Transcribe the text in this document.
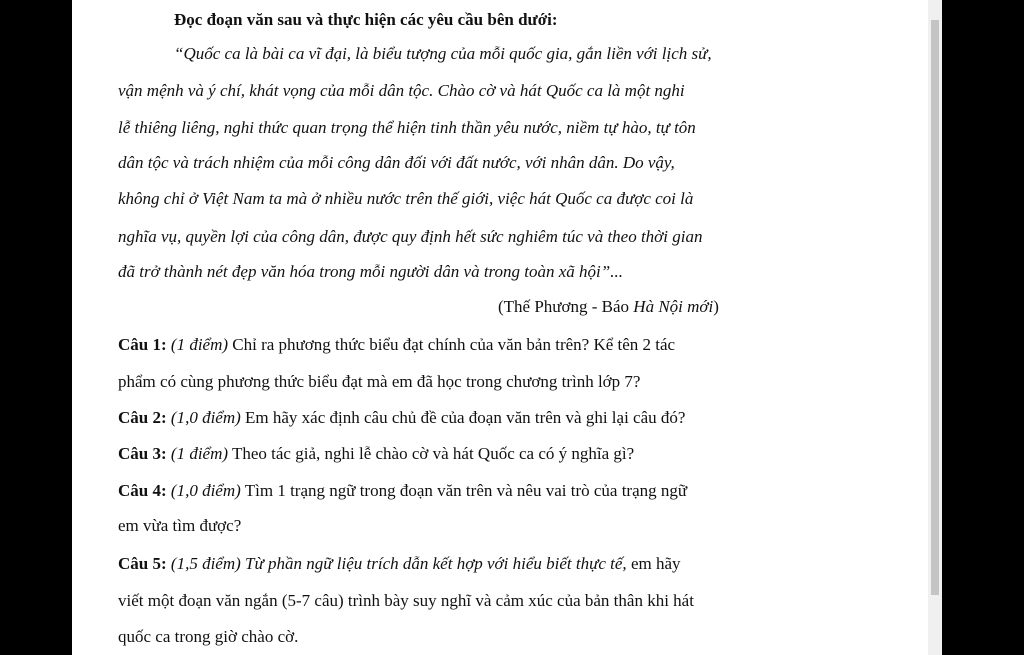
Đọc đoạn văn sau và thực hiện các yêu cầu bên dưới:
“Quốc ca là bài ca vĩ đại, là biểu tượng của mỗi quốc gia, gắn liền với lịch sử,
vận mệnh và ý chí, khát vọng của mỗi dân tộc. Chào cờ và hát Quốc ca là một nghi
lễ thiêng liêng, nghi thức quan trọng thể hiện tinh thần yêu nước, niềm tự hào, tự tôn
dân tộc và trách nhiệm của mỗi công dân đối với đất nước, với nhân dân. Do vậy,
không chỉ ở Việt Nam ta mà ở nhiều nước trên thế giới, việc hát Quốc ca được coi là
nghĩa vụ, quyền lợi của công dân, được quy định hết sức nghiêm túc và theo thời gian
đã trở thành nét đẹp văn hóa trong mỗi người dân và trong toàn xã hội”...
(Thế Phương - Báo Hà Nội mới)
Câu 1: (1 điểm) Chỉ ra phương thức biểu đạt chính của văn bản trên? Kể tên 2 tác
phẩm có cùng phương thức biểu đạt mà em đã học trong chương trình lớp 7?
Câu 2: (1,0 điểm) Em hãy xác định câu chủ đề của đoạn văn trên và ghi lại câu đó?
Câu 3: (1 điểm) Theo tác giả, nghi lễ chào cờ và hát Quốc ca có ý nghĩa gì?
Câu 4: (1,0 điểm) Tìm 1 trạng ngữ trong đoạn văn trên và nêu vai trò của trạng ngữ
em vừa tìm được?
Câu 5: (1,5 điểm) Từ phần ngữ liệu trích dẫn kết hợp với hiểu biết thực tế, em hãy
viết một đoạn văn ngắn (5-7 câu) trình bày suy nghĩ và cảm xúc của bản thân khi hát
quốc ca trong giờ chào cờ.
